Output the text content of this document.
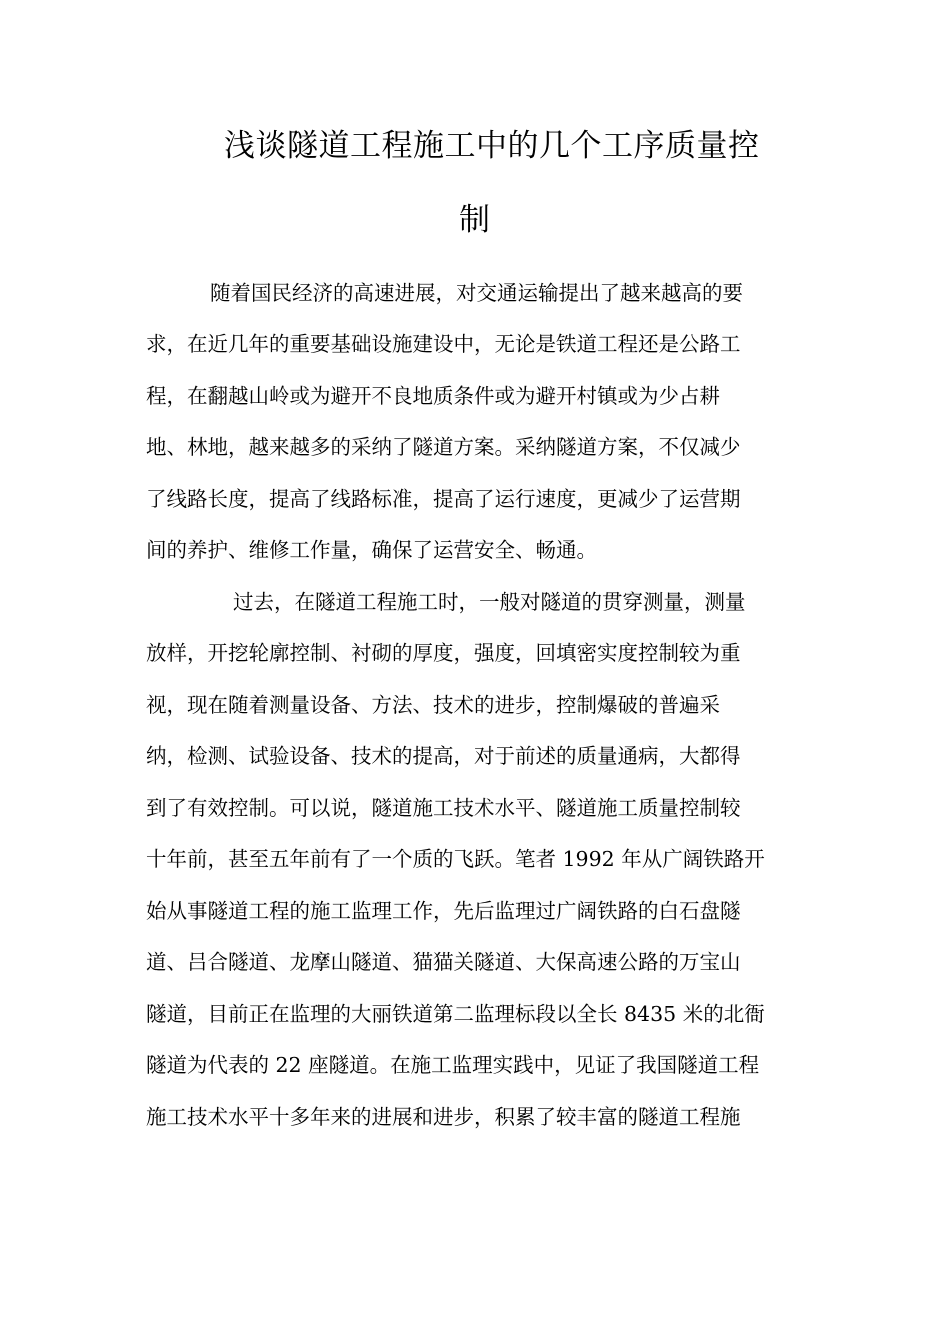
浅谈隧道工程施工中的几个工序质量控
制
随着国民经济的高速进展，对交通运输提出了越来越高的要
求，在近几年的重要基础设施建设中，无论是铁道工程还是公路工
程，在翻越山岭或为避开不良地质条件或为避开村镇或为少占耕
地、林地，越来越多的采纳了隧道方案。采纳隧道方案，不仅减少
了线路长度，提高了线路标准，提高了运行速度，更减少了运营期
间的养护、维修工作量，确保了运营安全、畅通。
过去，在隧道工程施工时，一般对隧道的贯穿测量，测量
放样，开挖轮廓控制、衬砌的厚度，强度，回填密实度控制较为重
视，现在随着测量设备、方法、技术的进步，控制爆破的普遍采
纳，检测、试验设备、技术的提高，对于前述的质量通病，大都得
到了有效控制。可以说，隧道施工技术水平、隧道施工质量控制较
十年前，甚至五年前有了一个质的飞跃。笔者 1992 年从广阔铁路开
始从事隧道工程的施工监理工作，先后监理过广阔铁路的白石盘隧
道、吕合隧道、龙摩山隧道、猫猫关隧道、大保高速公路的万宝山
隧道，目前正在监理的大丽铁道第二监理标段以全长 8435 米的北衙
隧道为代表的 22 座隧道。在施工监理实践中，见证了我国隧道工程
施工技术水平十多年来的进展和进步，积累了较丰富的隧道工程施
